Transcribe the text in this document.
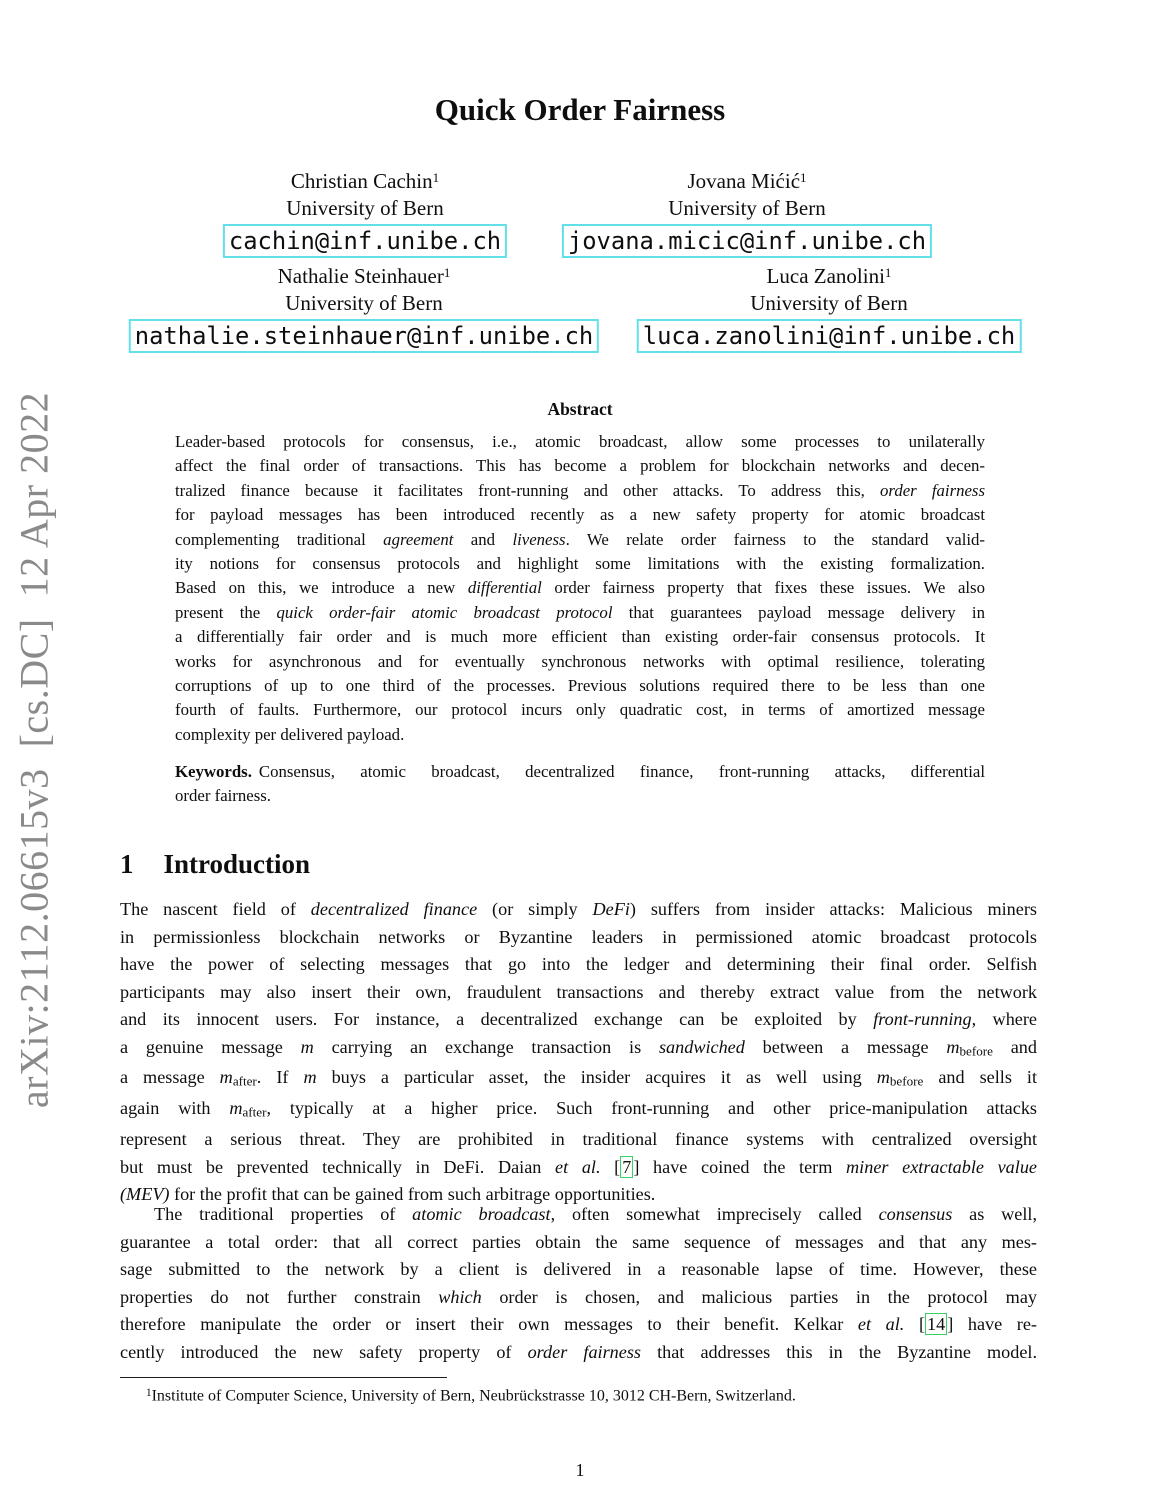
arXiv:2112.06615v3  [cs.DC]  12 Apr 2022
Quick Order Fairness
Christian Cachin$^1$
University of Bern
cachin@inf.unibe.ch
Jovana Mićić$^1$
University of Bern
jovana.micic@inf.unibe.ch
Nathalie Steinhauer$^1$
University of Bern
nathalie.steinhauer@inf.unibe.ch
Luca Zanolini$^1$
University of Bern
luca.zanolini@inf.unibe.ch
Abstract
Leader-based protocols for consensus, i.e., atomic broadcast, allow some processes to unilaterally
affect the final order of transactions. This has become a problem for blockchain networks and decen-
tralized finance because it facilitates front-running and other attacks. To address this, order fairness
for payload messages has been introduced recently as a new safety property for atomic broadcast
complementing traditional agreement and liveness. We relate order fairness to the standard valid-
ity notions for consensus protocols and highlight some limitations with the existing formalization.
Based on this, we introduce a new differential order fairness property that fixes these issues. We also
present the quick order-fair atomic broadcast protocol that guarantees payload message delivery in
a differentially fair order and is much more efficient than existing order-fair consensus protocols. It
works for asynchronous and for eventually synchronous networks with optimal resilience, tolerating
corruptions of up to one third of the processes. Previous solutions required there to be less than one
fourth of faults. Furthermore, our protocol incurs only quadratic cost, in terms of amortized message
complexity per delivered payload.
Keywords. Consensus, atomic broadcast, decentralized finance, front-running attacks, differential
order fairness.
1 Introduction
The nascent field of decentralized finance (or simply DeFi) suffers from insider attacks: Malicious miners
in permissionless blockchain networks or Byzantine leaders in permissioned atomic broadcast protocols
have the power of selecting messages that go into the ledger and determining their final order. Selfish
participants may also insert their own, fraudulent transactions and thereby extract value from the network
and its innocent users. For instance, a decentralized exchange can be exploited by front-running, where
a genuine message m carrying an exchange transaction is sandwiched between a message mbefore and
a message mafter. If m buys a particular asset, the insider acquires it as well using mbefore and sells it
again with mafter, typically at a higher price. Such front-running and other price-manipulation attacks
represent a serious threat. They are prohibited in traditional finance systems with centralized oversight
but must be prevented technically in DeFi. Daian et al. [ 7 ] have coined the term miner extractable value
(MEV) for the profit that can be gained from such arbitrage opportunities.
The traditional properties of atomic broadcast, often somewhat imprecisely called consensus as well,
guarantee a total order: that all correct parties obtain the same sequence of messages and that any mes-
sage submitted to the network by a client is delivered in a reasonable lapse of time. However, these
properties do not further constrain which order is chosen, and malicious parties in the protocol may
therefore manipulate the order or insert their own messages to their benefit. Kelkar et al. [ 14 ] have re-
cently introduced the new safety property of order fairness that addresses this in the Byzantine model.
$^1$Institute of Computer Science, University of Bern, Neubrückstrasse 10, 3012 CH-Bern, Switzerland.
1
